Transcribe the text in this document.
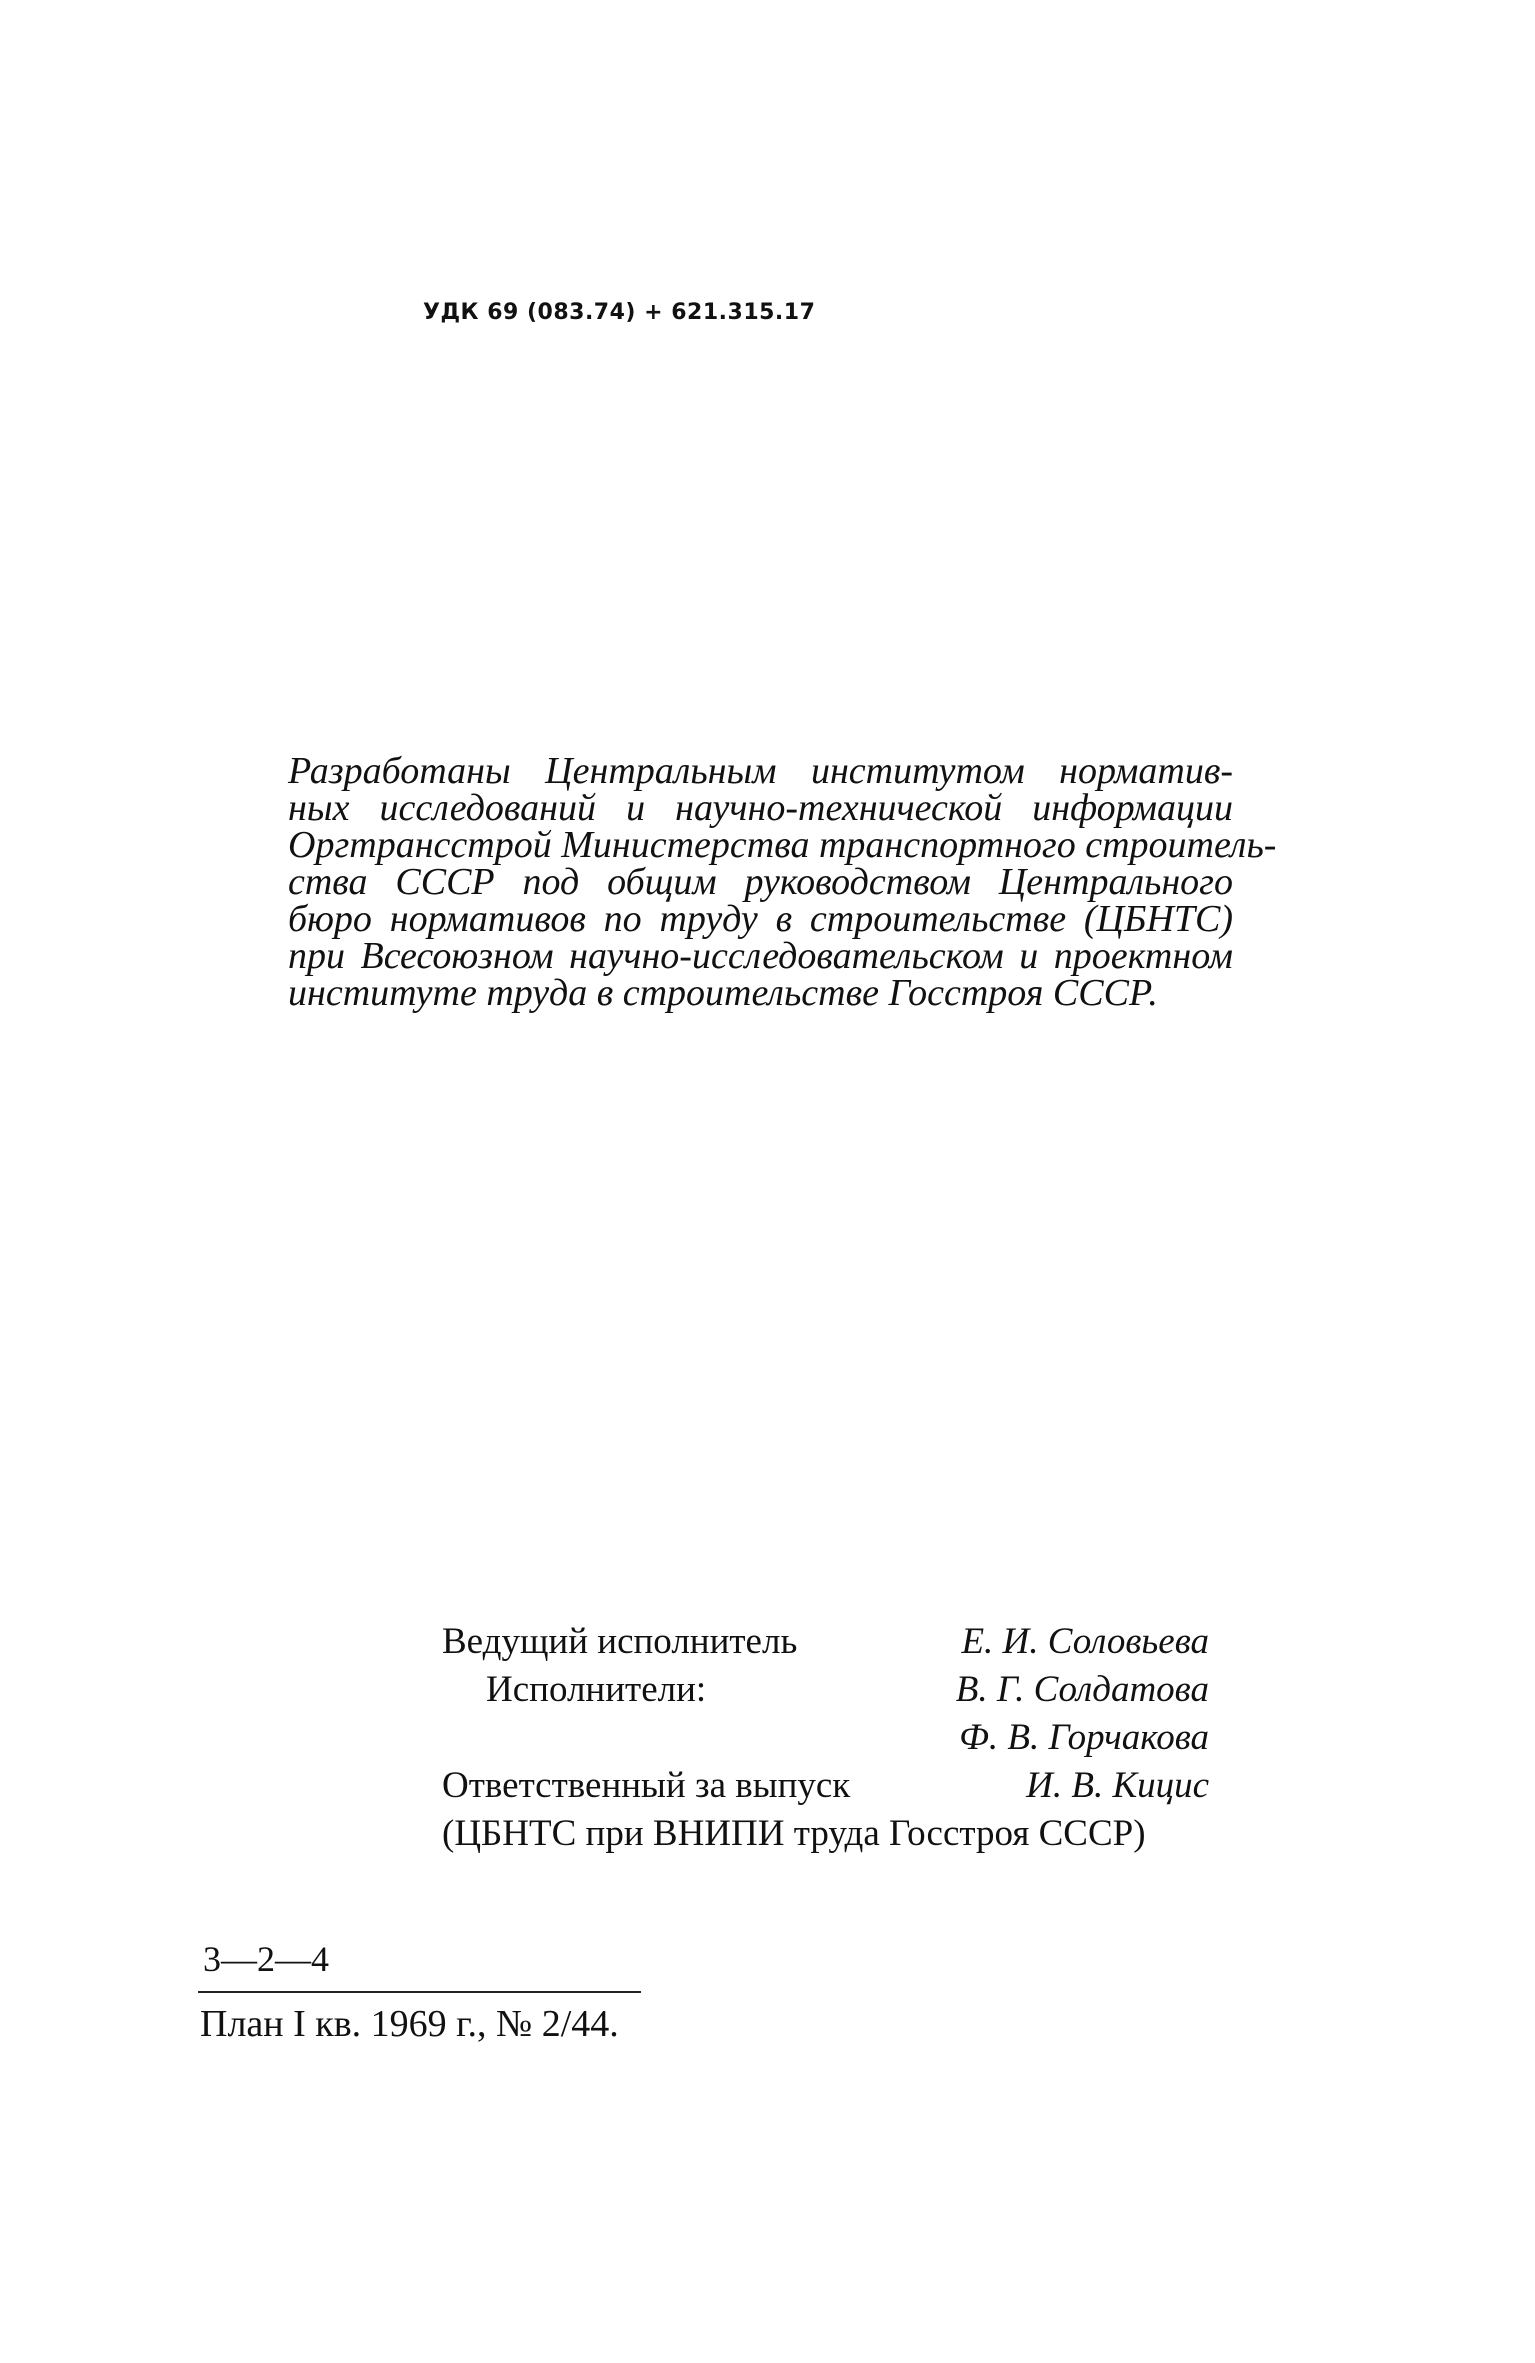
УДК 69 (083.74) + 621.315.17
Разработаны Центральным институтом норматив-
ных исследований и научно-технической информации
Оргтрансстрой Министерства транспортного строитель-
ства СССР под общим руководством Центрального
бюро нормативов по труду в строительстве (ЦБНТС)
при Всесоюзном научно-исследовательском и проектном
институте труда в строительстве Госстроя СССР.
Ведущий исполнитель	Е. И. Соловьева
Исполнители:	В. Г. Солдатова
Ф. В. Горчакова
Ответственный за выпуск	И. В. Кицис
(ЦБНТС при ВНИПИ труда Госстроя СССР)
3—2—4
План I кв. 1969 г., № 2/44.
